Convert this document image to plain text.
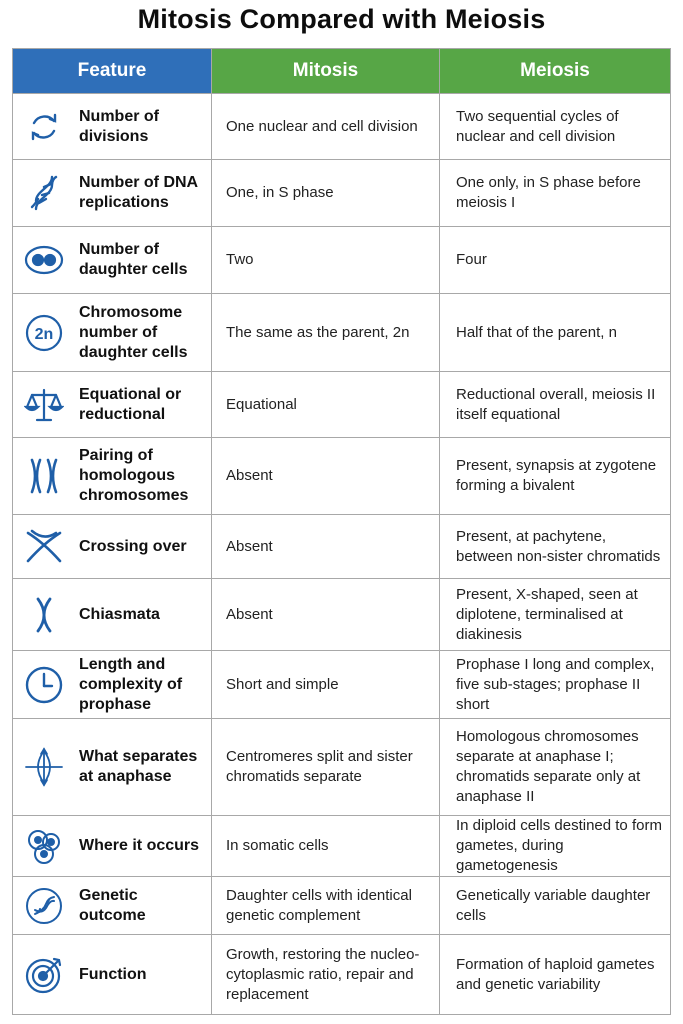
Mitosis Compared with Meiosis
Feature	Mitosis	Meiosis

Number of divisions	One nuclear and cell division	Two sequential cycles of nuclear and cell division

Number of DNA replications	One, in S phase	One only, in S phase before meiosis I

Number of daughter cells	Two	Four

2n
Chromosome number of daughter cells	The same as the parent, 2n	Half that of the parent, n

Equational or reductional	Equational	Reductional overall, meiosis II itself equational

Pairing of homologous chromosomes	Absent	Present, synapsis at zygotene forming a bivalent

Crossing over	Absent	Present, at pachytene, between non-sister chromatids

Chiasmata	Absent	Present, X-shaped, seen at diplotene, terminalised at diakinesis

Length and complexity of prophase	Short and simple	Prophase I long and complex, five sub-stages; prophase II short

What separates at anaphase	Centromeres split and sister chromatids separate	Homologous chromosomes separate at anaphase I; chromatids separate only at anaphase II

Where it occurs	In somatic cells	In diploid cells destined to form gametes, during gametogenesis

Genetic outcome	Daughter cells with identical genetic complement	Genetically variable daughter cells

Function	Growth, restoring the nucleo-cytoplasmic ratio, repair and replacement	Formation of haploid gametes and genetic variability
